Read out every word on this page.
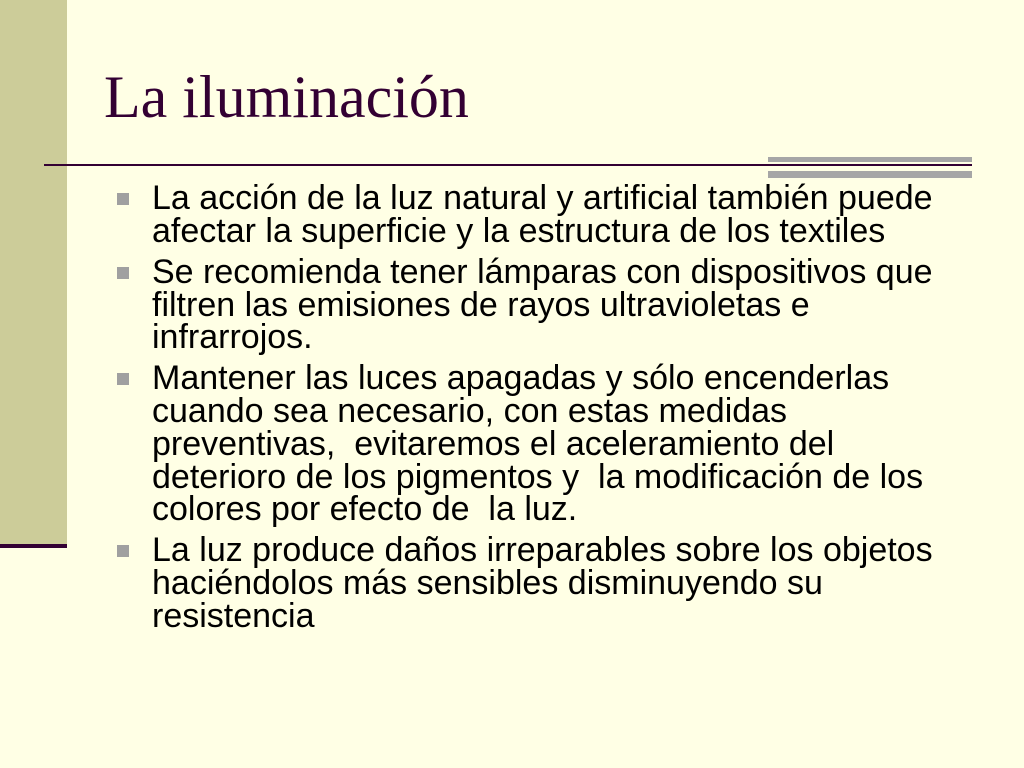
La iluminación
La acción de la luz natural y artificial también puede
afectar la superficie y la estructura de los textiles
Se recomienda tener lámparas con dispositivos que
filtren las emisiones de rayos ultravioletas e
infrarrojos.
Mantener las luces apagadas y sólo encenderlas
cuando sea necesario, con estas medidas
preventivas,  evitaremos el aceleramiento del
deterioro de los pigmentos y  la modificación de los
colores por efecto de  la luz.
La luz produce daños irreparables sobre los objetos
haciéndolos más sensibles disminuyendo su
resistencia
